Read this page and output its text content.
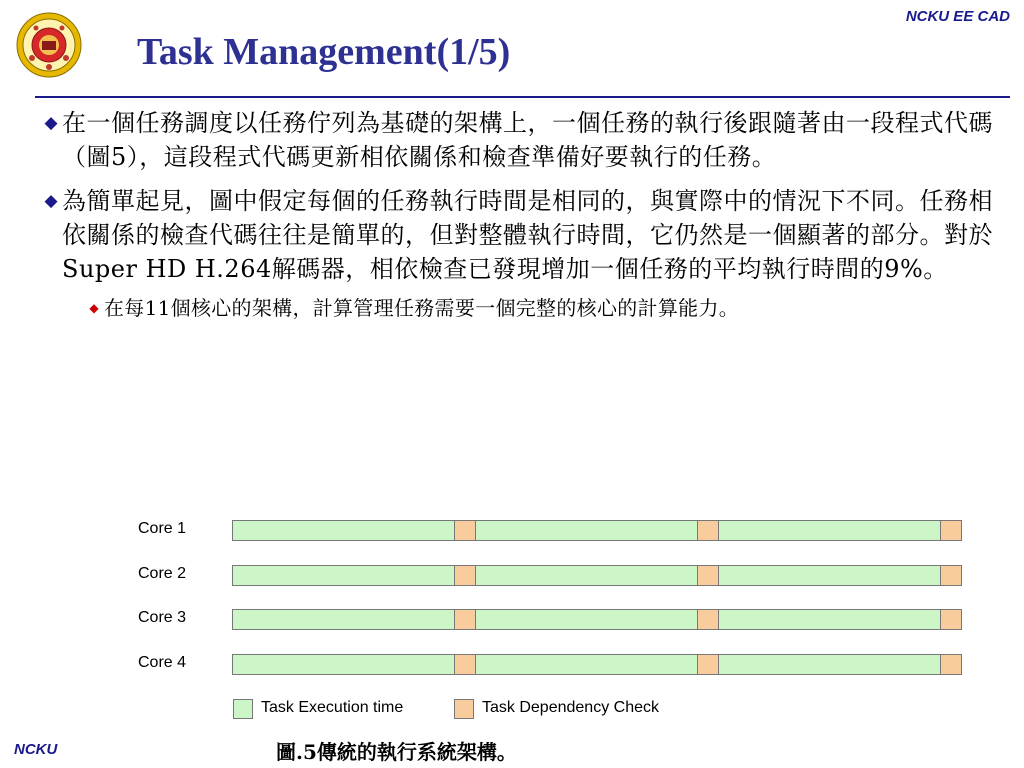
NCKU EE CAD
Task Management(1/5)
◆ 在一個任務調度以任務佇列為基礎的架構上，一個任務的執行後跟隨著由一段程式代碼（圖5），這段程式代碼更新相依關係和檢查準備好要執行的任務。
◆ 為簡單起見，圖中假定每個的任務執行時間是相同的，與實際中的情況下不同。任務相依關係的檢查代碼往往是簡單的，但對整體執行時間，它仍然是一個顯著的部分。對於Super HD H.264解碼器，相依檢查已發現增加一個任務的平均執行時間的9%。
◆ 在每11個核心的架構，計算管理任務需要一個完整的核心的計算能力。
Core 1
Core 2
Core 3
Core 4
Task Execution time	Task Dependency Check
圖.5傳統的執行系統架構。
NCKU
